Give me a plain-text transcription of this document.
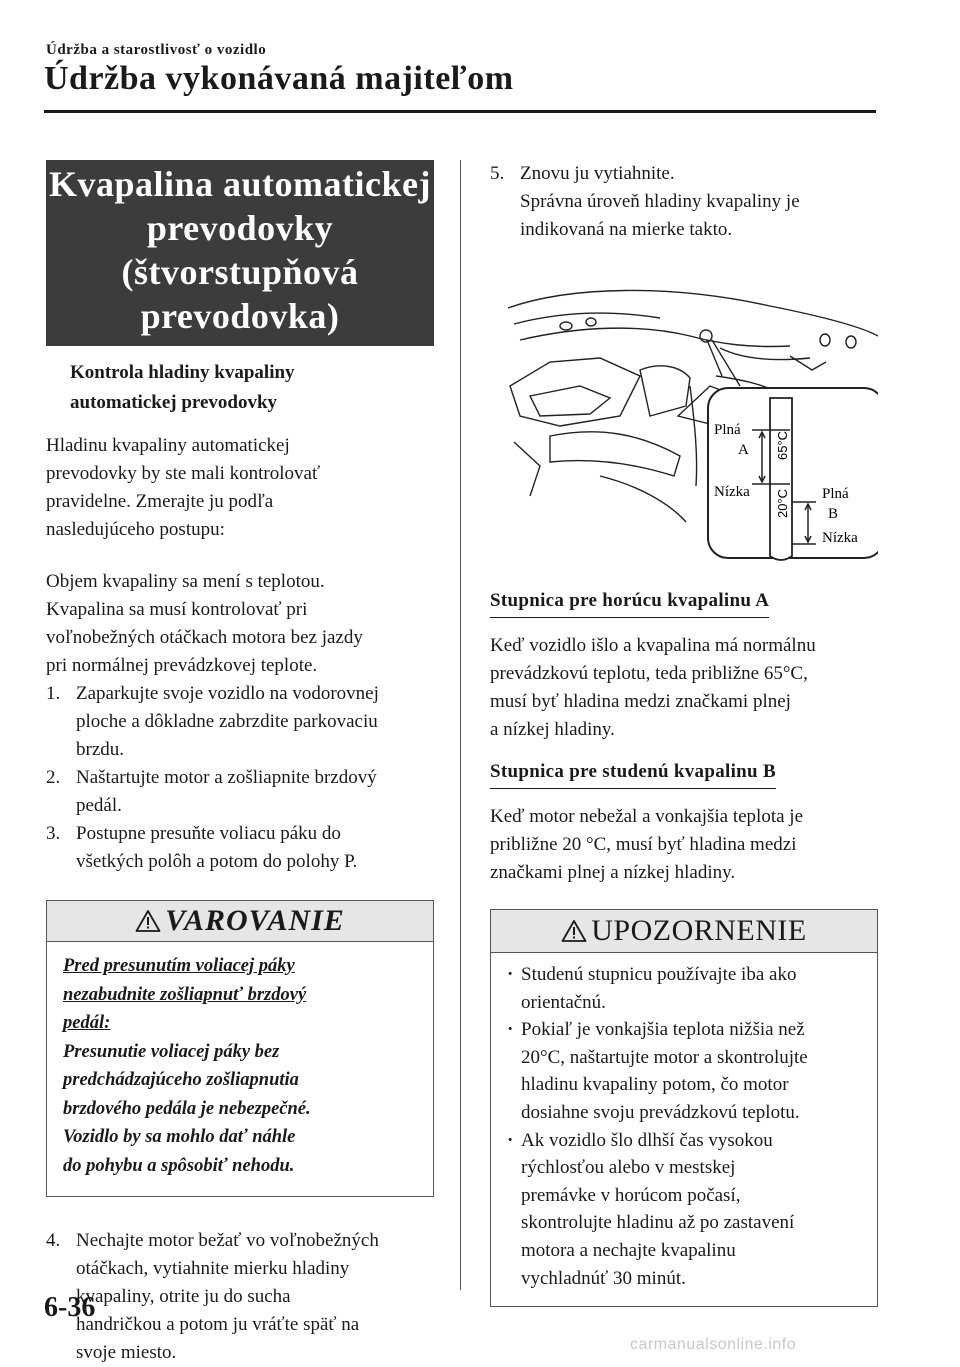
Údržba a starostlivosť o vozidlo
Údržba vykonávaná majiteľom
Kvapalina automatickej
prevodovky (štvorstupňová
prevodovka)
Kontrola hladiny kvapaliny
automatickej prevodovky
Hladinu kvapaliny automatickej
prevodovky by ste mali kontrolovať
pravidelne. Zmerajte ju podľa
nasledujúceho postupu:
Objem kvapaliny sa mení s teplotou.
Kvapalina sa musí kontrolovať pri
voľnobežných otáčkach motora bez jazdy
pri normálnej prevádzkovej teplote.
1. Zaparkujte svoje vozidlo na vodorovnej
ploche a dôkladne zabrzdite parkovaciu
brzdu.
2. Naštartujte motor a zošliapnite brzdový
pedál.
3. Postupne presuňte voliacu páku do
všetkých polôh a potom do polohy P.
VAROVANIE
Pred presunutím voliacej páky
nezabudnite zošliapnuť brzdový
pedál:
Presunutie voliacej páky bez
predchádzajúceho zošliapnutia
brzdového pedála je nebezpečné.
Vozidlo by sa mohlo dať náhle
do pohybu a spôsobiť nehodu.
4. Nechajte motor bežať vo voľnobežných
otáčkach, vytiahnite mierku hladiny
kvapaliny, otrite ju do sucha
handričkou a potom ju vráťte späť na
svoje miesto.
5. Znovu ju vytiahnite.
Správna úroveň hladiny kvapaliny je
indikovaná na mierke takto.
Plná
A
Nízka	Plná
B
Nízka
65°C
20°C
Stupnica pre horúcu kvapalinu A
Keď vozidlo išlo a kvapalina má normálnu
prevádzkovú teplotu, teda približne 65°C,
musí byť hladina medzi značkami plnej
a nízkej hladiny.
Stupnica pre studenú kvapalinu B
Keď motor nebežal a vonkajšia teplota je
približne 20 °C, musí byť hladina medzi
značkami plnej a nízkej hladiny.
UPOZORNENIE
· Studenú stupnicu používajte iba ako
orientačnú.
· Pokiaľ je vonkajšia teplota nižšia než
20°C, naštartujte motor a skontrolujte
hladinu kvapaliny potom, čo motor
dosiahne svoju prevádzkovú teplotu.
· Ak vozidlo šlo dlhší čas vysokou
rýchlosťou alebo v mestskej
premávke v horúcom počasí,
skontrolujte hladinu až po zastavení
motora a nechajte kvapalinu
vychladnúť 30 minút.
6-36
carmanualsonline.info
